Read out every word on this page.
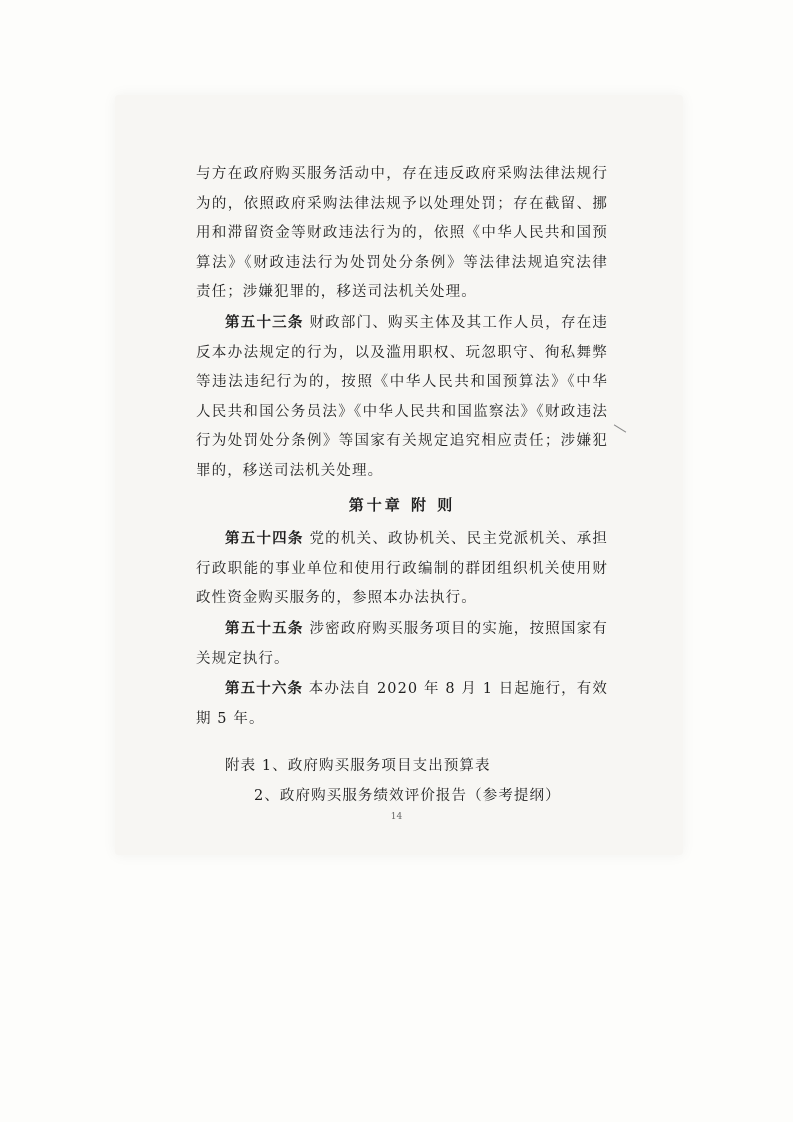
与方在政府购买服务活动中，存在违反政府采购法律法规行为的，依照政府采购法律法规予以处理处罚；存在截留、挪用和滞留资金等财政违法行为的，依照《中华人民共和国预算法》《财政违法行为处罚处分条例》等法律法规追究法律责任；涉嫌犯罪的，移送司法机关处理。

第五十三条 财政部门、购买主体及其工作人员，存在违反本办法规定的行为，以及滥用职权、玩忽职守、徇私舞弊等违法违纪行为的，按照《中华人民共和国预算法》《中华人民共和国公务员法》《中华人民共和国监察法》《财政违法行为处罚处分条例》等国家有关规定追究相应责任；涉嫌犯罪的，移送司法机关处理。

第十章 附 则

第五十四条 党的机关、政协机关、民主党派机关、承担行政职能的事业单位和使用行政编制的群团组织机关使用财政性资金购买服务的，参照本办法执行。

第五十五条 涉密政府购买服务项目的实施，按照国家有关规定执行。

第五十六条 本办法自 2020 年 8 月 1 日起施行，有效期 5 年。

附表 1、政府购买服务项目支出预算表

2、政府购买服务绩效评价报告（参考提纲）

14
